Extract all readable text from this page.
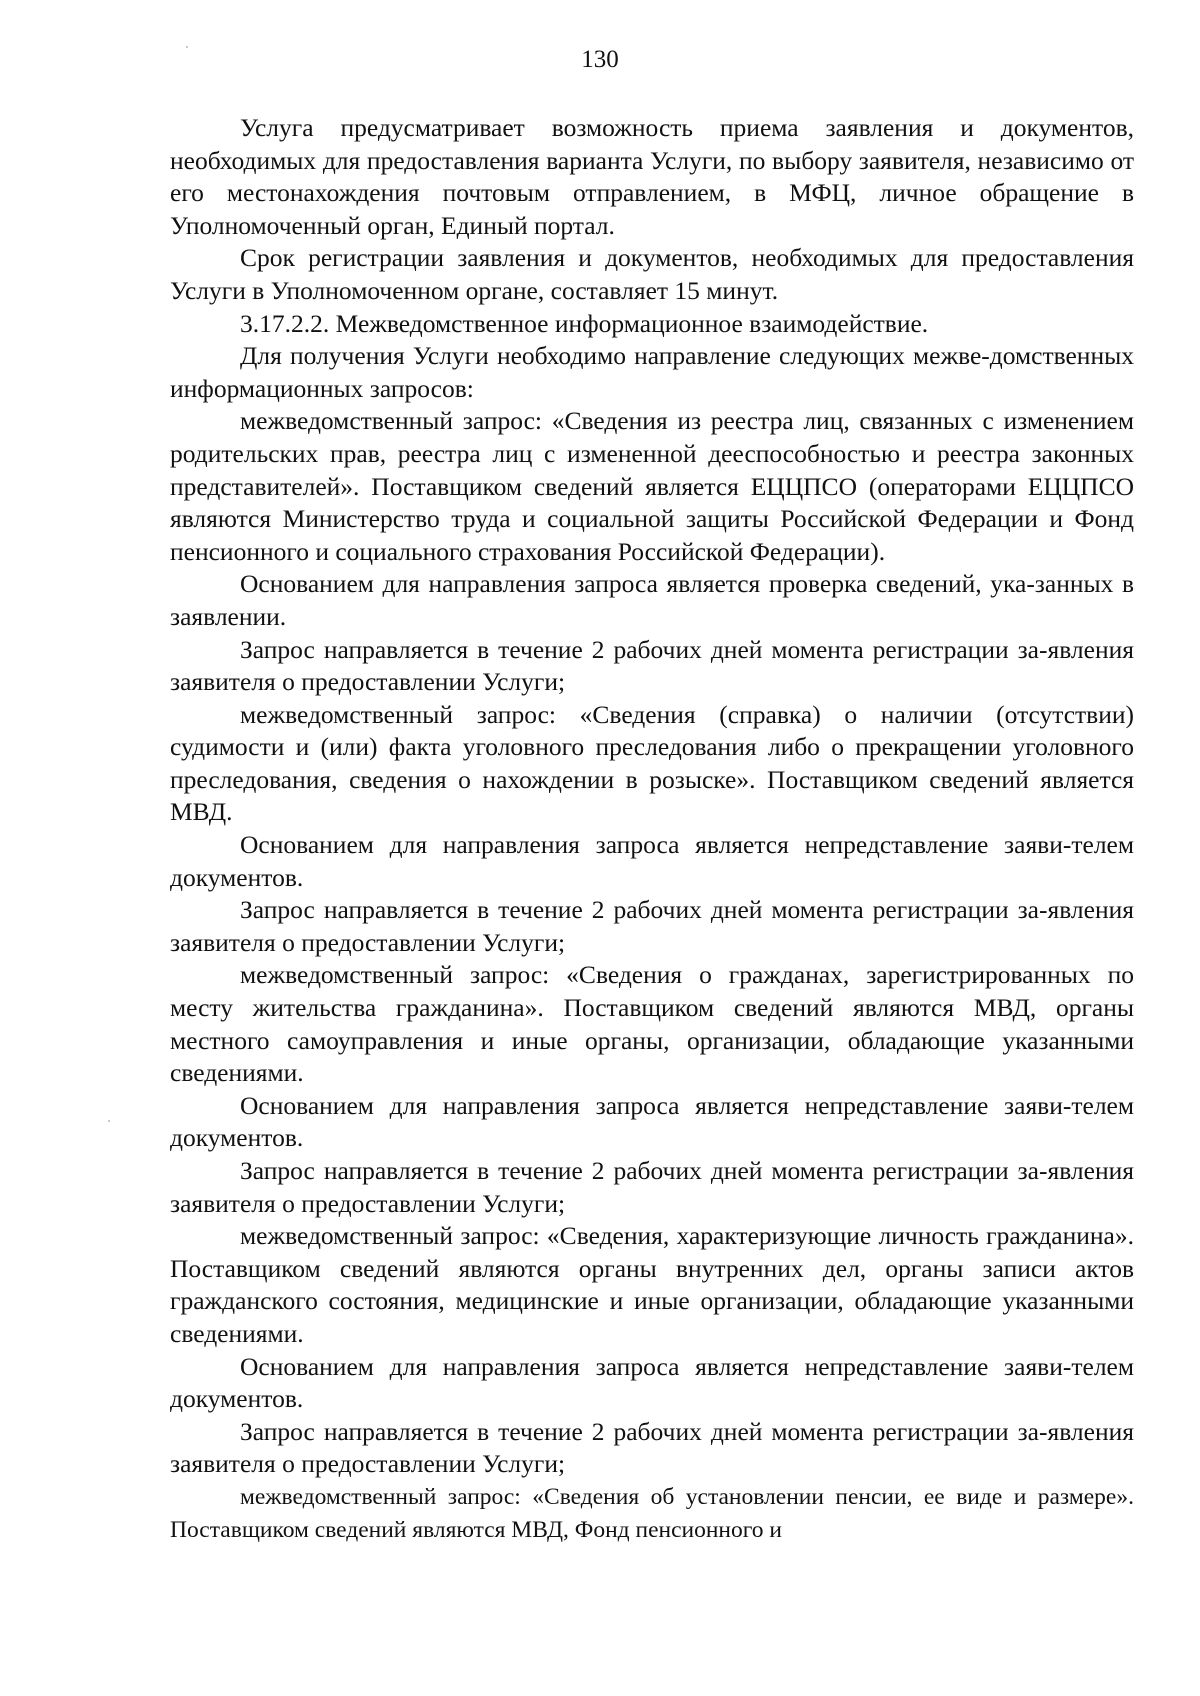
130

Услуга предусматривает возможность приема заявления и документов, необходимых для предоставления варианта Услуги, по выбору заявителя, независимо от его местонахождения почтовым отправлением, в МФЦ, личное обращение в Уполномоченный орган, Единый портал.

Срок регистрации заявления и документов, необходимых для предоставления Услуги в Уполномоченном органе, составляет 15 минут.

3.17.2.2. Межведомственное информационное взаимодействие.

Для получения Услуги необходимо направление следующих межве-домственных информационных запросов:

межведомственный запрос: «Сведения из реестра лиц, связанных с изменением родительских прав, реестра лиц с измененной дееспособностью и реестра законных представителей». Поставщиком сведений является ЕЦЦПСО (операторами ЕЦЦПСО являются Министерство труда и социальной защиты Российской Федерации и Фонд пенсионного и социального страхования Российской Федерации).

Основанием для направления запроса является проверка сведений, ука-занных в заявлении.

Запрос направляется в течение 2 рабочих дней момента регистрации за-явления заявителя о предоставлении Услуги;

межведомственный запрос: «Сведения (справка) о наличии (отсутствии) судимости и (или) факта уголовного преследования либо о прекращении уголовного преследования, сведения о нахождении в розыске». Поставщиком сведений является МВД.

Основанием для направления запроса является непредставление заяви-телем документов.

Запрос направляется в течение 2 рабочих дней момента регистрации за-явления заявителя о предоставлении Услуги;

межведомственный запрос: «Сведения о гражданах, зарегистрированных по месту жительства гражданина». Поставщиком сведений являются МВД, органы местного самоуправления и иные органы, организации, обладающие указанными сведениями.

Основанием для направления запроса является непредставление заяви-телем документов.

Запрос направляется в течение 2 рабочих дней момента регистрации за-явления заявителя о предоставлении Услуги;

межведомственный запрос: «Сведения, характеризующие личность гражданина». Поставщиком сведений являются органы внутренних дел, органы записи актов гражданского состояния, медицинские и иные организации, обладающие указанными сведениями.

Основанием для направления запроса является непредставление заяви-телем документов.

Запрос направляется в течение 2 рабочих дней момента регистрации за-явления заявителя о предоставлении Услуги;

межведомственный запрос: «Сведения об установлении пенсии, ее виде и размере». Поставщиком сведений являются МВД, Фонд пенсионного и
